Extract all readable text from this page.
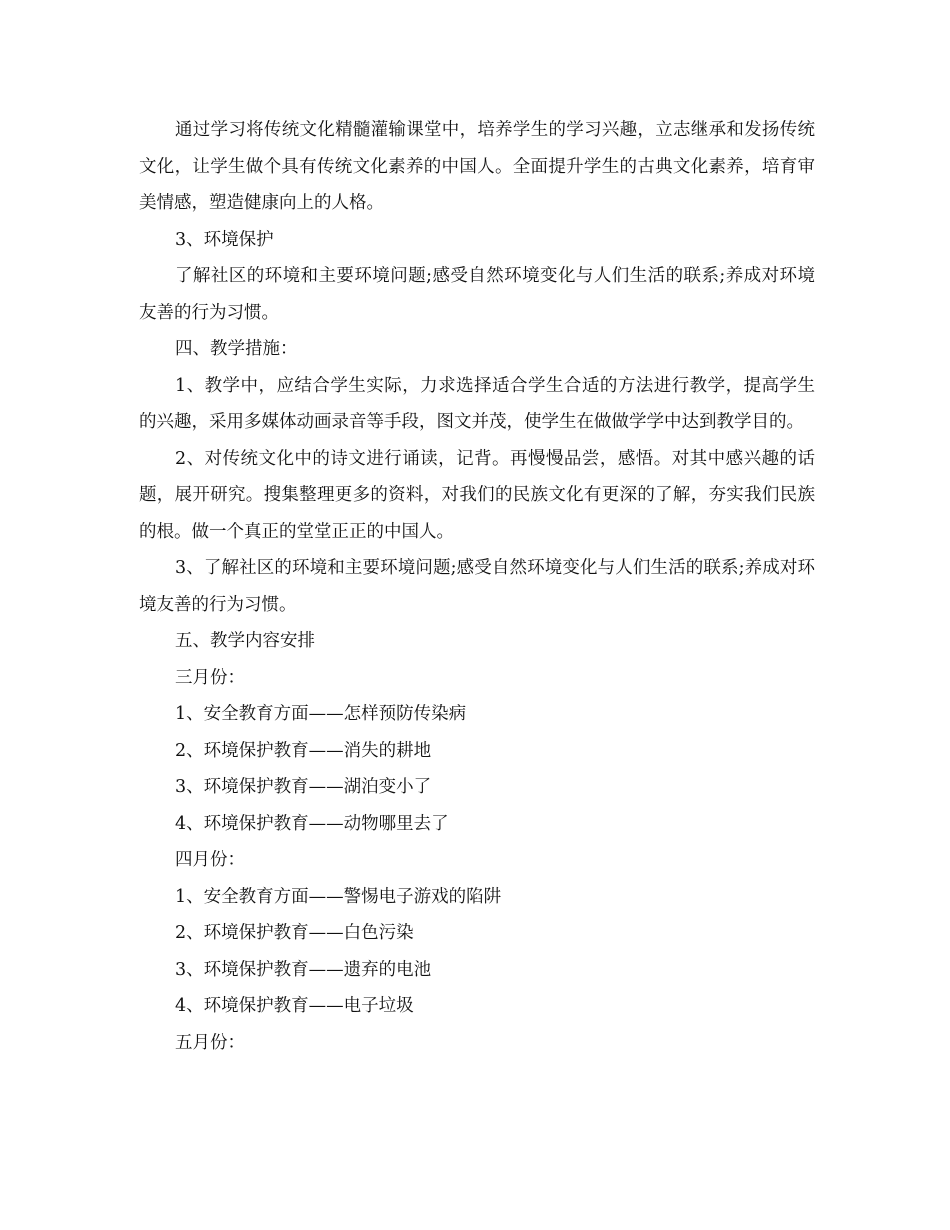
通过学习将传统文化精髓灌输课堂中，培养学生的学习兴趣，立志继承和发扬传统文化，让学生做个具有传统文化素养的中国人。全面提升学生的古典文化素养，培育审美情感，塑造健康向上的人格。

3、环境保护

了解社区的环境和主要环境问题;感受自然环境变化与人们生活的联系;养成对环境友善的行为习惯。

四、教学措施：

1、教学中，应结合学生实际，力求选择适合学生合适的方法进行教学，提高学生的兴趣，采用多媒体动画录音等手段，图文并茂，使学生在做做学学中达到教学目的。

2、对传统文化中的诗文进行诵读，记背。再慢慢品尝，感悟。对其中感兴趣的话题，展开研究。搜集整理更多的资料，对我们的民族文化有更深的了解，夯实我们民族的根。做一个真正的堂堂正正的中国人。

3、了解社区的环境和主要环境问题;感受自然环境变化与人们生活的联系;养成对环境友善的行为习惯。

五、教学内容安排

三月份：

1、安全教育方面——怎样预防传染病

2、环境保护教育——消失的耕地

3、环境保护教育——湖泊变小了

4、环境保护教育——动物哪里去了

四月份：

1、安全教育方面——警惕电子游戏的陷阱

2、环境保护教育——白色污染

3、环境保护教育——遗弃的电池

4、环境保护教育——电子垃圾

五月份：
